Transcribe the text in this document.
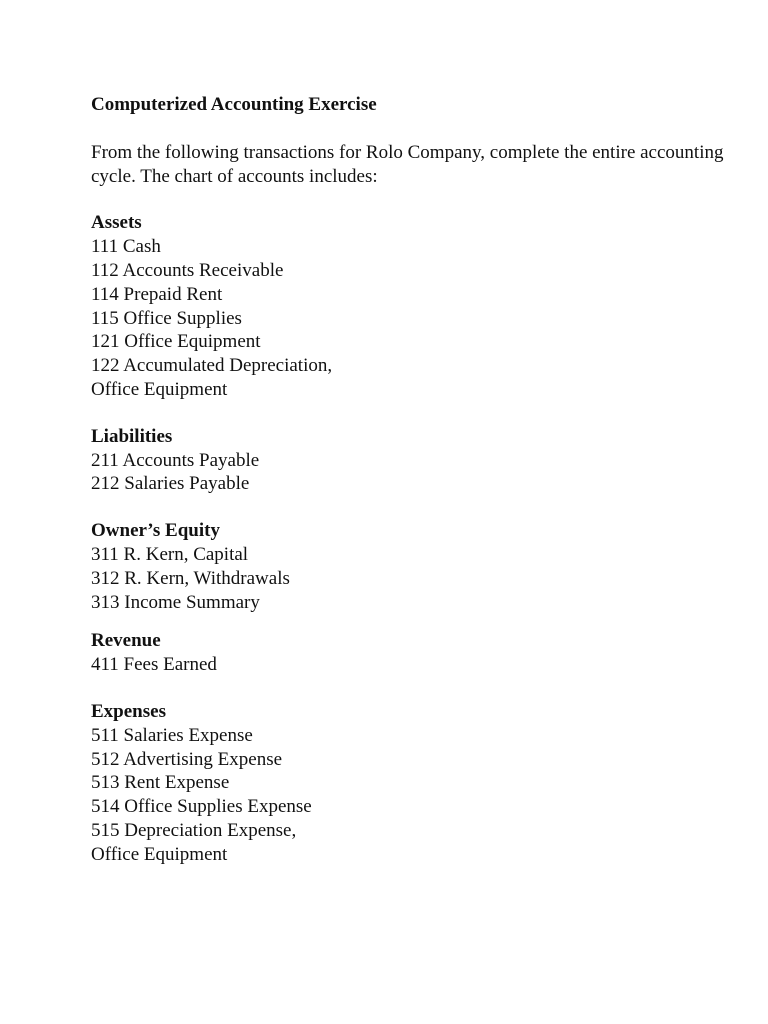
Computerized Accounting Exercise
From the following transactions for Rolo Company, complete the entire accounting cycle. The chart of accounts includes:
Assets
111 Cash
112 Accounts Receivable
114 Prepaid Rent
115 Office Supplies
121 Office Equipment
122 Accumulated Depreciation,
Office Equipment
Liabilities
211 Accounts Payable
212 Salaries Payable
Owner’s Equity
311 R. Kern, Capital
312 R. Kern, Withdrawals
313 Income Summary
Revenue
411 Fees Earned
Expenses
511 Salaries Expense
512 Advertising Expense
513 Rent Expense
514 Office Supplies Expense
515 Depreciation Expense,
Office Equipment
